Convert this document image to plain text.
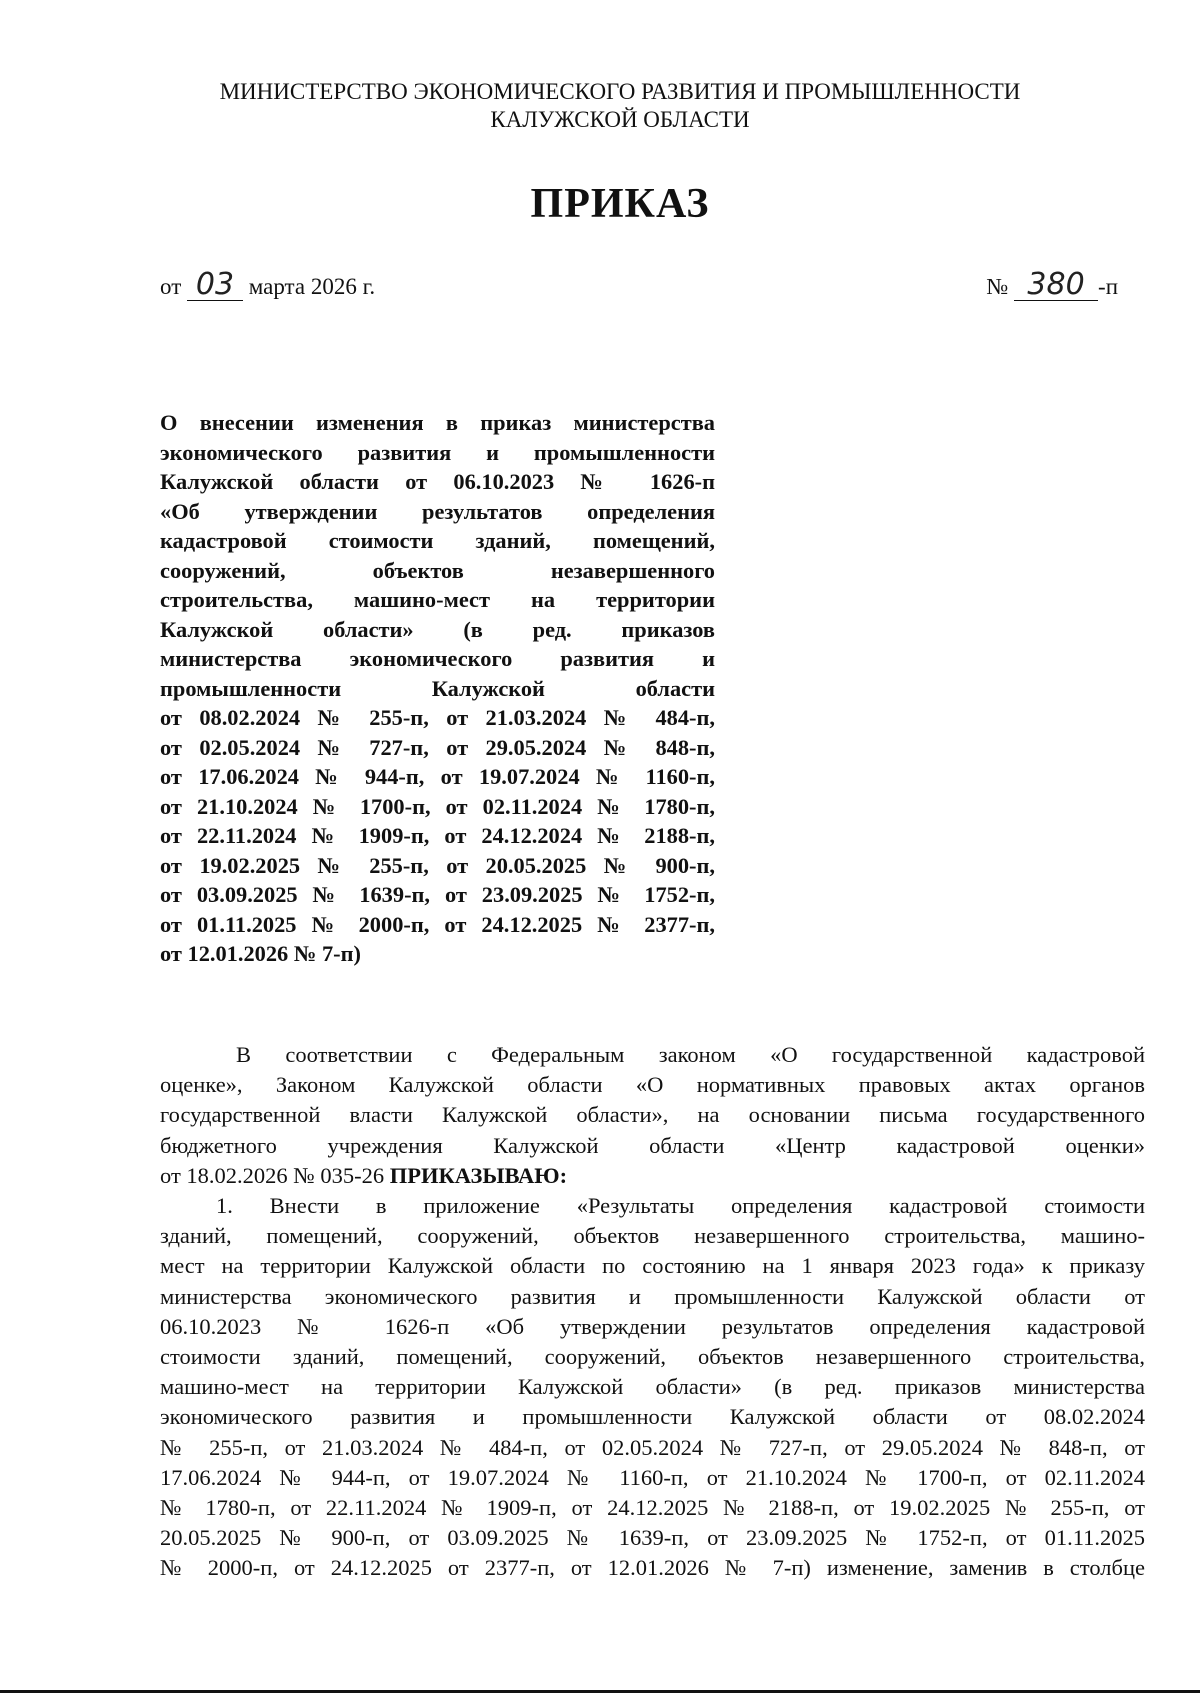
МИНИСТЕРСТВО ЭКОНОМИЧЕСКОГО РАЗВИТИЯ И ПРОМЫШЛЕННОСТИ
КАЛУЖСКОЙ ОБЛАСТИ
ПРИКАЗ
от 03 марта 2026 г.	№ 380 -п
О внесении изменения в приказ министерства
экономического развития и промышленности
Калужской области от 06.10.2023 № 1626-п
«Об утверждении результатов определения
кадастровой стоимости зданий, помещений,
сооружений, объектов незавершенного
строительства, машино-мест на территории
Калужской области» (в ред. приказов
министерства экономического развития и
промышленности Калужской области
от 08.02.2024 № 255-п, от 21.03.2024 № 484-п,
от 02.05.2024 № 727-п, от 29.05.2024 № 848-п,
от 17.06.2024 № 944-п, от 19.07.2024 № 1160-п,
от 21.10.2024 № 1700-п, от 02.11.2024 № 1780-п,
от 22.11.2024 № 1909-п, от 24.12.2024 № 2188-п,
от 19.02.2025 № 255-п, от 20.05.2025 № 900-п,
от 03.09.2025 № 1639-п, от 23.09.2025 № 1752-п,
от 01.11.2025 № 2000-п, от 24.12.2025 № 2377-п,
от 12.01.2026 № 7-п)
В соответствии с Федеральным законом «О государственной кадастровой
оценке», Законом Калужской области «О нормативных правовых актах органов
государственной власти Калужской области», на основании письма государственного
бюджетного учреждения Калужской области «Центр кадастровой оценки»
от 18.02.2026 № 035-26 ПРИКАЗЫВАЮ:
1. Внести в приложение «Результаты определения кадастровой стоимости
зданий, помещений, сооружений, объектов незавершенного строительства, машино-
мест на территории Калужской области по состоянию на 1 января 2023 года» к приказу
министерства экономического развития и промышленности Калужской области от
06.10.2023 № 1626-п «Об утверждении результатов определения кадастровой
стоимости зданий, помещений, сооружений, объектов незавершенного строительства,
машино-мест на территории Калужской области» (в ред. приказов министерства
экономического развития и промышленности Калужской области от 08.02.2024
№ 255-п, от 21.03.2024 № 484-п, от 02.05.2024 № 727-п, от 29.05.2024 № 848-п, от
17.06.2024 № 944-п, от 19.07.2024 № 1160-п, от 21.10.2024 № 1700-п, от 02.11.2024
№ 1780-п, от 22.11.2024 № 1909-п, от 24.12.2025 № 2188-п, от 19.02.2025 № 255-п, от
20.05.2025 № 900-п, от 03.09.2025 № 1639-п, от 23.09.2025 № 1752-п, от 01.11.2025
№ 2000-п, от 24.12.2025 от 2377-п, от 12.01.2026 № 7-п) изменение, заменив в столбце
